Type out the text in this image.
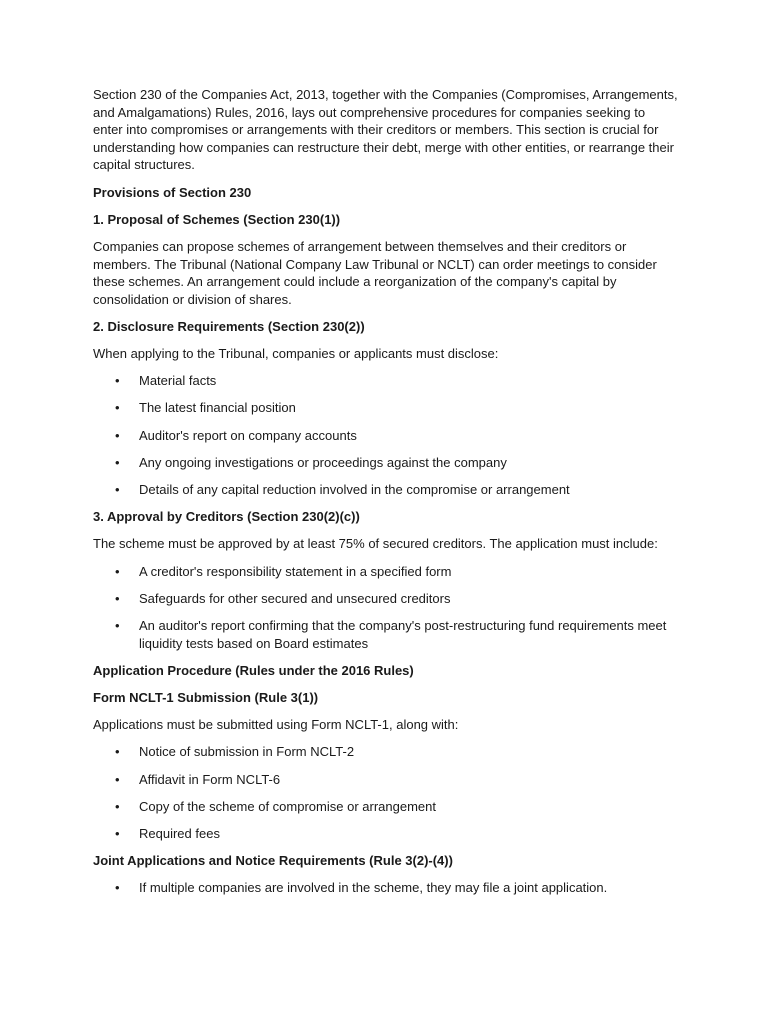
Section 230 of the Companies Act, 2013, together with the Companies (Compromises, Arrangements, and Amalgamations) Rules, 2016, lays out comprehensive procedures for companies seeking to enter into compromises or arrangements with their creditors or members. This section is crucial for understanding how companies can restructure their debt, merge with other entities, or rearrange their capital structures.

Provisions of Section 230

1. Proposal of Schemes (Section 230(1))

Companies can propose schemes of arrangement between themselves and their creditors or members. The Tribunal (National Company Law Tribunal or NCLT) can order meetings to consider these schemes. An arrangement could include a reorganization of the company's capital by consolidation or division of shares.

2. Disclosure Requirements (Section 230(2))

When applying to the Tribunal, companies or applicants must disclose:

• Material facts
• The latest financial position
• Auditor's report on company accounts
• Any ongoing investigations or proceedings against the company
• Details of any capital reduction involved in the compromise or arrangement

3. Approval by Creditors (Section 230(2)(c))

The scheme must be approved by at least 75% of secured creditors. The application must include:

• A creditor's responsibility statement in a specified form
• Safeguards for other secured and unsecured creditors
• An auditor's report confirming that the company's post-restructuring fund requirements meet liquidity tests based on Board estimates

Application Procedure (Rules under the 2016 Rules)

Form NCLT-1 Submission (Rule 3(1))

Applications must be submitted using Form NCLT-1, along with:

• Notice of submission in Form NCLT-2
• Affidavit in Form NCLT-6
• Copy of the scheme of compromise or arrangement
• Required fees

Joint Applications and Notice Requirements (Rule 3(2)-(4))

• If multiple companies are involved in the scheme, they may file a joint application.
